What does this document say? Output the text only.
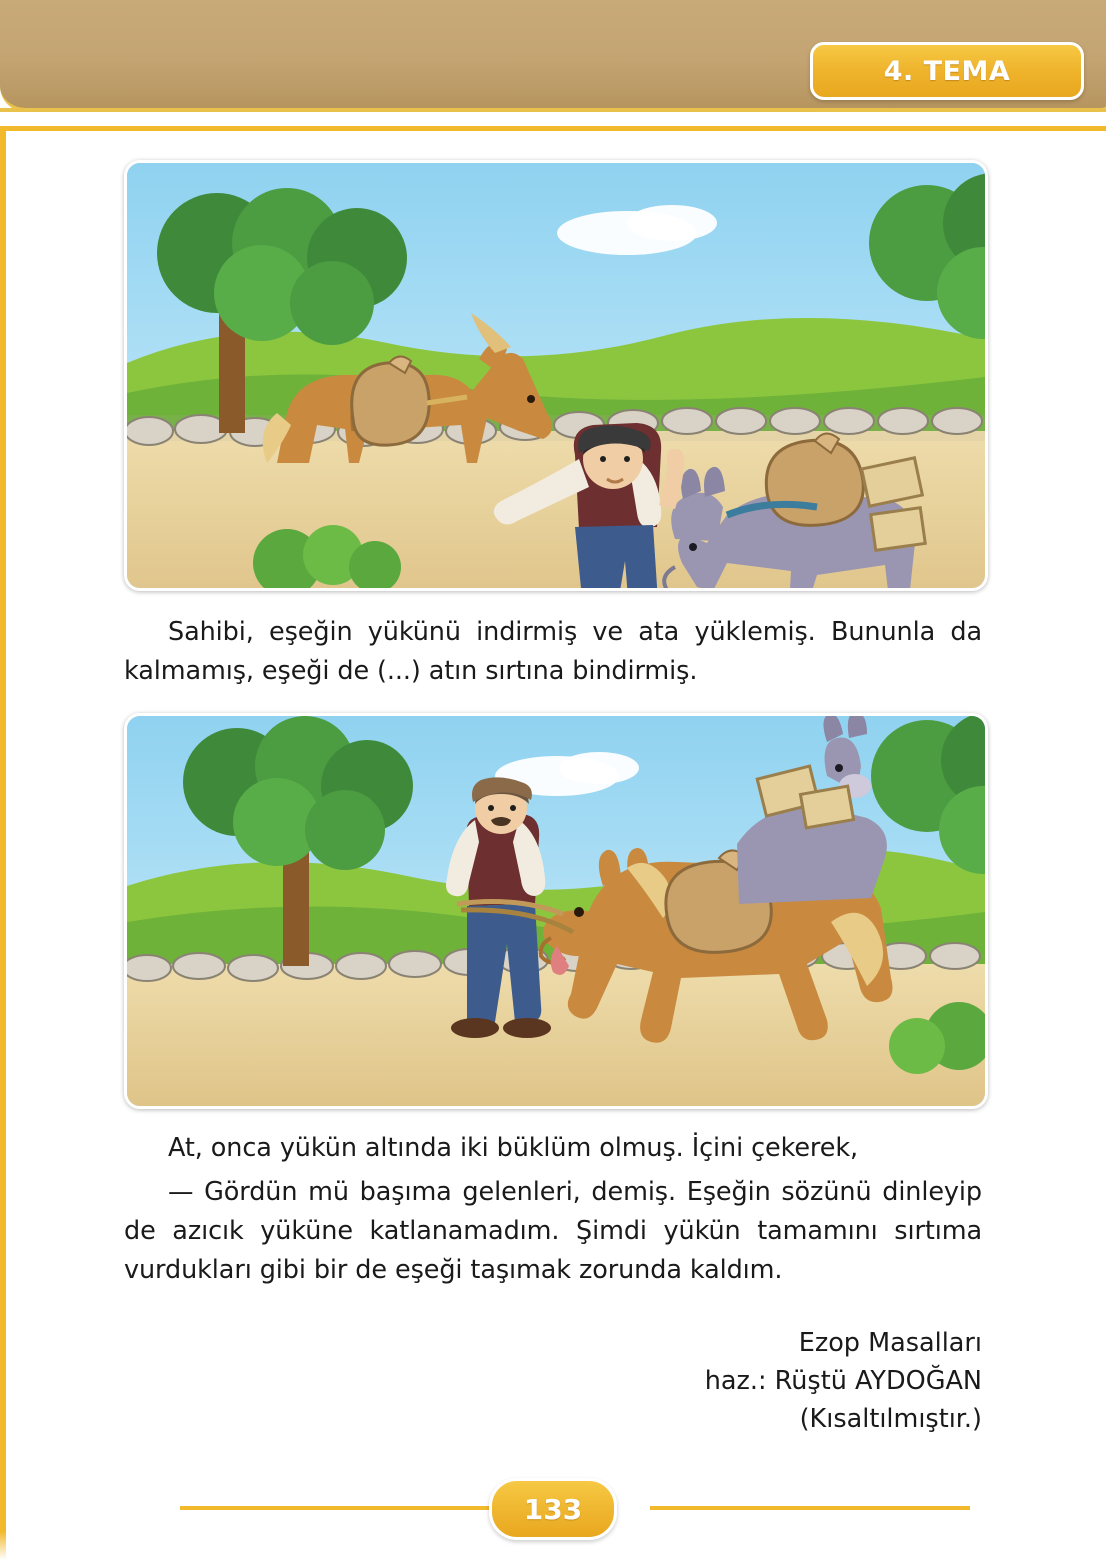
4. TEMA

Sahibi, eşeğin yükünü indirmiş ve ata yüklemiş. Bununla da kalmamış, eşeği de (...) atın sırtına bindirmiş.

At, onca yükün altında iki büklüm olmuş. İçini çekerek,

— Gördün mü başıma gelenleri, demiş. Eşeğin sözünü dinleyip de azıcık yüküne katlanamadım. Şimdi yükün tamamını sırtıma vurdukları gibi bir de eşeği taşımak zorunda kaldım.

Ezop Masalları
haz.: Rüştü AYDOĞAN
(Kısaltılmıştır.)
133
